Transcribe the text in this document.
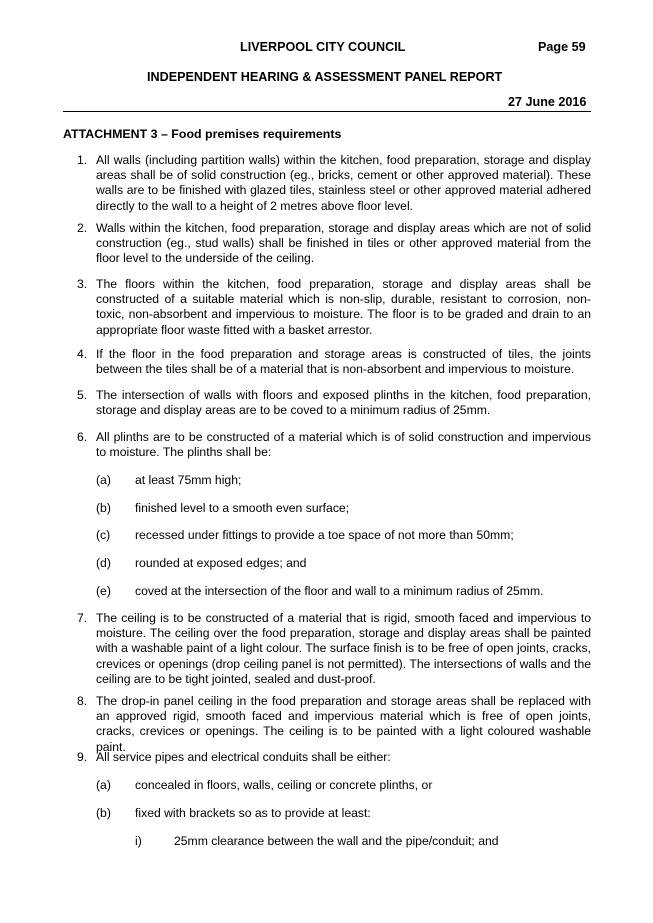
LIVERPOOL CITY COUNCIL	Page 59
INDEPENDENT HEARING & ASSESSMENT PANEL REPORT
27 June 2016
ATTACHMENT 3 – Food premises requirements
1. All walls (including partition walls) within the kitchen, food preparation, storage and display areas shall be of solid construction (eg., bricks, cement or other approved material). These walls are to be finished with glazed tiles, stainless steel or other approved material adhered directly to the wall to a height of 2 metres above floor level.
2. Walls within the kitchen, food preparation, storage and display areas which are not of solid construction (eg., stud walls) shall be finished in tiles or other approved material from the floor level to the underside of the ceiling.
3. The floors within the kitchen, food preparation, storage and display areas shall be constructed of a suitable material which is non-slip, durable, resistant to corrosion, non-toxic, non-absorbent and impervious to moisture. The floor is to be graded and drain to an appropriate floor waste fitted with a basket arrestor.
4. If the floor in the food preparation and storage areas is constructed of tiles, the joints between the tiles shall be of a material that is non-absorbent and impervious to moisture.
5. The intersection of walls with floors and exposed plinths in the kitchen, food preparation, storage and display areas are to be coved to a minimum radius of 25mm.
6. All plinths are to be constructed of a material which is of solid construction and impervious to moisture. The plinths shall be:
(a) at least 75mm high;
(b) finished level to a smooth even surface;
(c) recessed under fittings to provide a toe space of not more than 50mm;
(d) rounded at exposed edges; and
(e) coved at the intersection of the floor and wall to a minimum radius of 25mm.
7. The ceiling is to be constructed of a material that is rigid, smooth faced and impervious to moisture. The ceiling over the food preparation, storage and display areas shall be painted with a washable paint of a light colour. The surface finish is to be free of open joints, cracks, crevices or openings (drop ceiling panel is not permitted). The intersections of walls and the ceiling are to be tight jointed, sealed and dust-proof.
8. The drop-in panel ceiling in the food preparation and storage areas shall be replaced with an approved rigid, smooth faced and impervious material which is free of open joints, cracks, crevices or openings. The ceiling is to be painted with a light coloured washable paint.
9. All service pipes and electrical conduits shall be either:
(a) concealed in floors, walls, ceiling or concrete plinths, or
(b) fixed with brackets so as to provide at least:
i)	25mm clearance between the wall and the pipe/conduit; and
